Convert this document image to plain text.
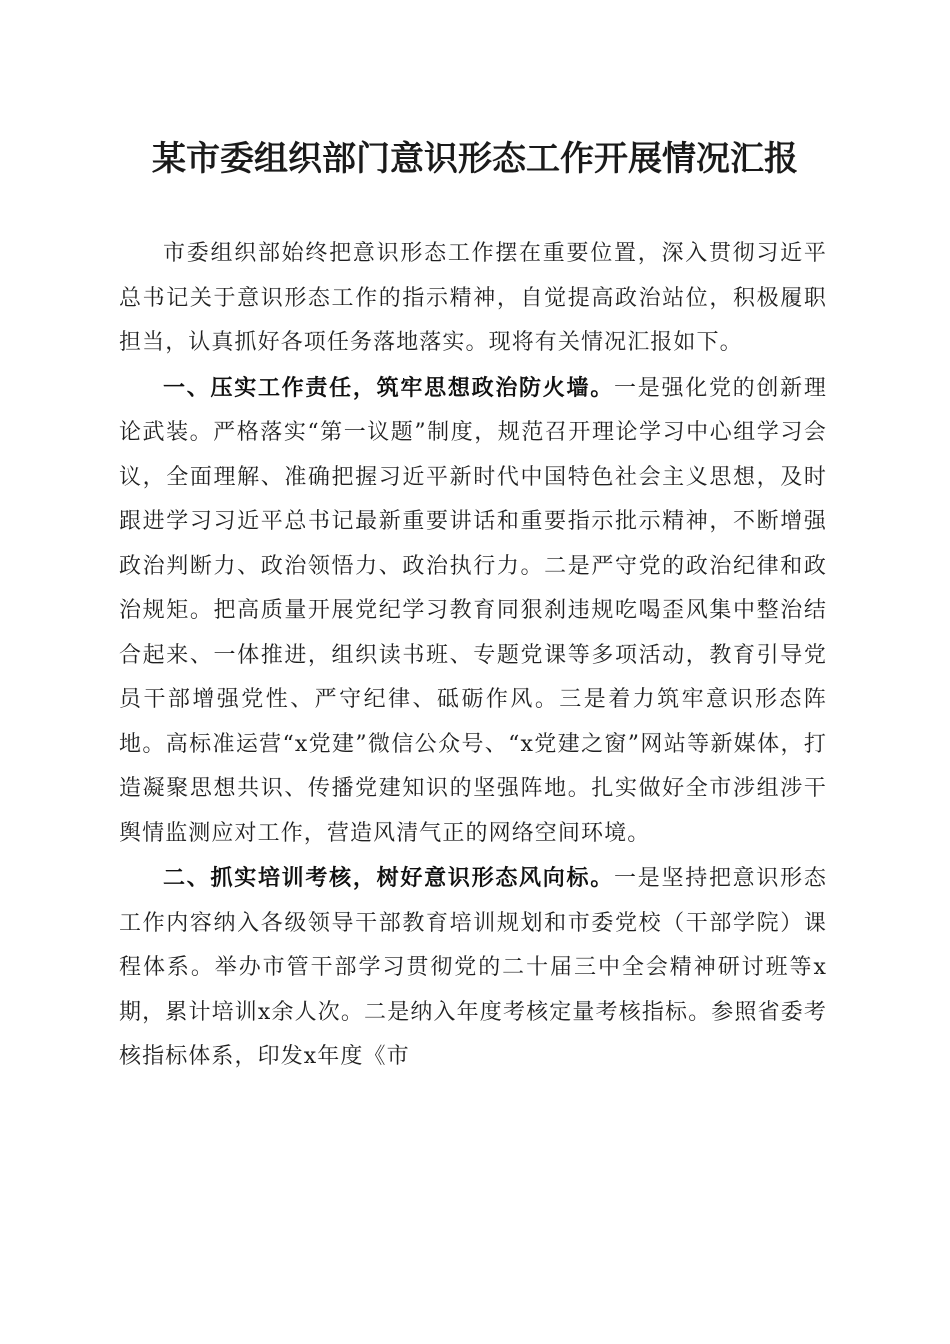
某市委组织部门意识形态工作开展情况汇报

市委组织部始终把意识形态工作摆在重要位置，深入贯彻习近平总书记关于意识形态工作的指示精神，自觉提高政治站位，积极履职担当，认真抓好各项任务落地落实。现将有关情况汇报如下。

一、压实工作责任，筑牢思想政治防火墙。一是强化党的创新理论武装。严格落实“第一议题”制度，规范召开理论学习中心组学习会议，全面理解、准确把握习近平新时代中国特色社会主义思想，及时跟进学习习近平总书记最新重要讲话和重要指示批示精神，不断增强政治判断力、政治领悟力、政治执行力。二是严守党的政治纪律和政治规矩。把高质量开展党纪学习教育同狠刹违规吃喝歪风集中整治结合起来、一体推进，组织读书班、专题党课等多项活动，教育引导党员干部增强党性、严守纪律、砥砺作风。三是着力筑牢意识形态阵地。高标准运营“x党建”微信公众号、“x党建之窗”网站等新媒体，打造凝聚思想共识、传播党建知识的坚强阵地。扎实做好全市涉组涉干舆情监测应对工作，营造风清气正的网络空间环境。

二、抓实培训考核，树好意识形态风向标。一是坚持把意识形态工作内容纳入各级领导干部教育培训规划和市委党校（干部学院）课程体系。举办市管干部学习贯彻党的二十届三中全会精神研讨班等x期，累计培训x余人次。二是纳入年度考核定量考核指标。参照省委考核指标体系，印发x年度《市
